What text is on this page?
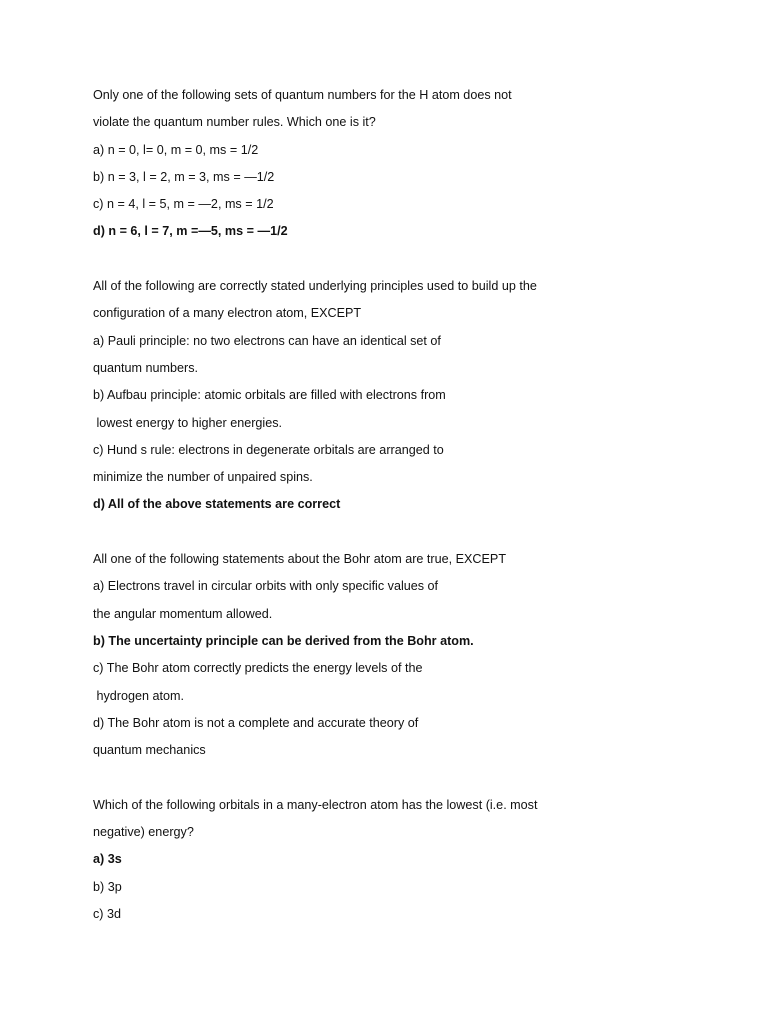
Only one of the following sets of quantum numbers for the H atom does not
violate the quantum number rules. Which one is it?
a) n = 0, l= 0, m = 0, ms = 1/2
b) n = 3, l = 2, m = 3, ms = —1/2
c) n = 4, l = 5, m = —2, ms = 1/2
d) n = 6, l = 7, m =—5, ms = —1/2
All of the following are correctly stated underlying principles used to build up the
configuration of a many electron atom, EXCEPT
a) Pauli principle: no two electrons can have an identical set of
quantum numbers.
b) Aufbau principle: atomic orbitals are filled with electrons from
lowest energy to higher energies.
c) Hund s rule: electrons in degenerate orbitals are arranged to
minimize the number of unpaired spins.
d) All of the above statements are correct
All one of the following statements about the Bohr atom are true, EXCEPT
a) Electrons travel in circular orbits with only specific values of
the angular momentum allowed.
b) The uncertainty principle can be derived from the Bohr atom.
c) The Bohr atom correctly predicts the energy levels of the
hydrogen atom.
d) The Bohr atom is not a complete and accurate theory of
quantum mechanics
Which of the following orbitals in a many-electron atom has the lowest (i.e. most
negative) energy?
a) 3s
b) 3p
c) 3d
